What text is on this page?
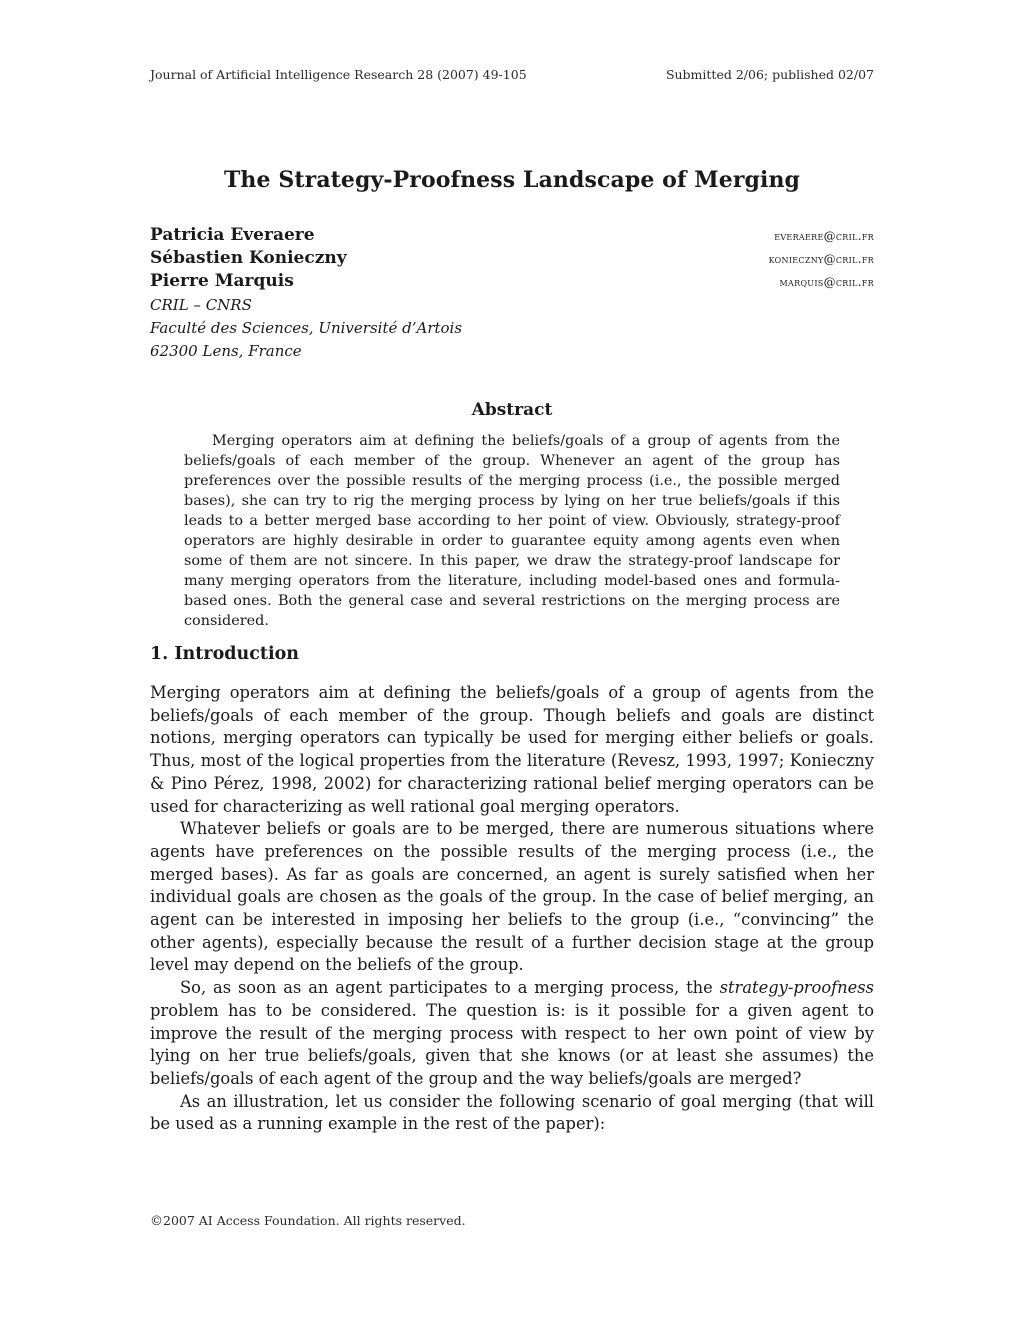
Journal of Artificial Intelligence Research 28 (2007) 49-105	Submitted 2/06; published 02/07
The Strategy-Proofness Landscape of Merging
Patricia Everaere	everaere@cril.fr
Sébastien Konieczny	konieczny@cril.fr
Pierre Marquis	marquis@cril.fr
CRIL – CNRS
Faculté des Sciences, Université d’Artois
62300 Lens, France
Abstract

Merging operators aim at defining the beliefs/goals of a group of agents from the beliefs/goals of each member of the group. Whenever an agent of the group has preferences over the possible results of the merging process (i.e., the possible merged bases), she can try to rig the merging process by lying on her true beliefs/goals if this leads to a better merged base according to her point of view. Obviously, strategy-proof operators are highly desirable in order to guarantee equity among agents even when some of them are not sincere. In this paper, we draw the strategy-proof landscape for many merging operators from the literature, including model-based ones and formula-based ones. Both the general case and several restrictions on the merging process are considered.

1. Introduction

Merging operators aim at defining the beliefs/goals of a group of agents from the beliefs/goals of each member of the group. Though beliefs and goals are distinct notions, merging operators can typically be used for merging either beliefs or goals. Thus, most of the logical properties from the literature (Revesz, 1993, 1997; Konieczny & Pino Pérez, 1998, 2002) for characterizing rational belief merging operators can be used for characterizing as well rational goal merging operators.

Whatever beliefs or goals are to be merged, there are numerous situations where agents have preferences on the possible results of the merging process (i.e., the merged bases). As far as goals are concerned, an agent is surely satisfied when her individual goals are chosen as the goals of the group. In the case of belief merging, an agent can be interested in imposing her beliefs to the group (i.e., “convincing” the other agents), especially because the result of a further decision stage at the group level may depend on the beliefs of the group.

So, as soon as an agent participates to a merging process, the strategy-proofness problem has to be considered. The question is: is it possible for a given agent to improve the result of the merging process with respect to her own point of view by lying on her true beliefs/goals, given that she knows (or at least she assumes) the beliefs/goals of each agent of the group and the way beliefs/goals are merged?

As an illustration, let us consider the following scenario of goal merging (that will be used as a running example in the rest of the paper):

©2007 AI Access Foundation. All rights reserved.
